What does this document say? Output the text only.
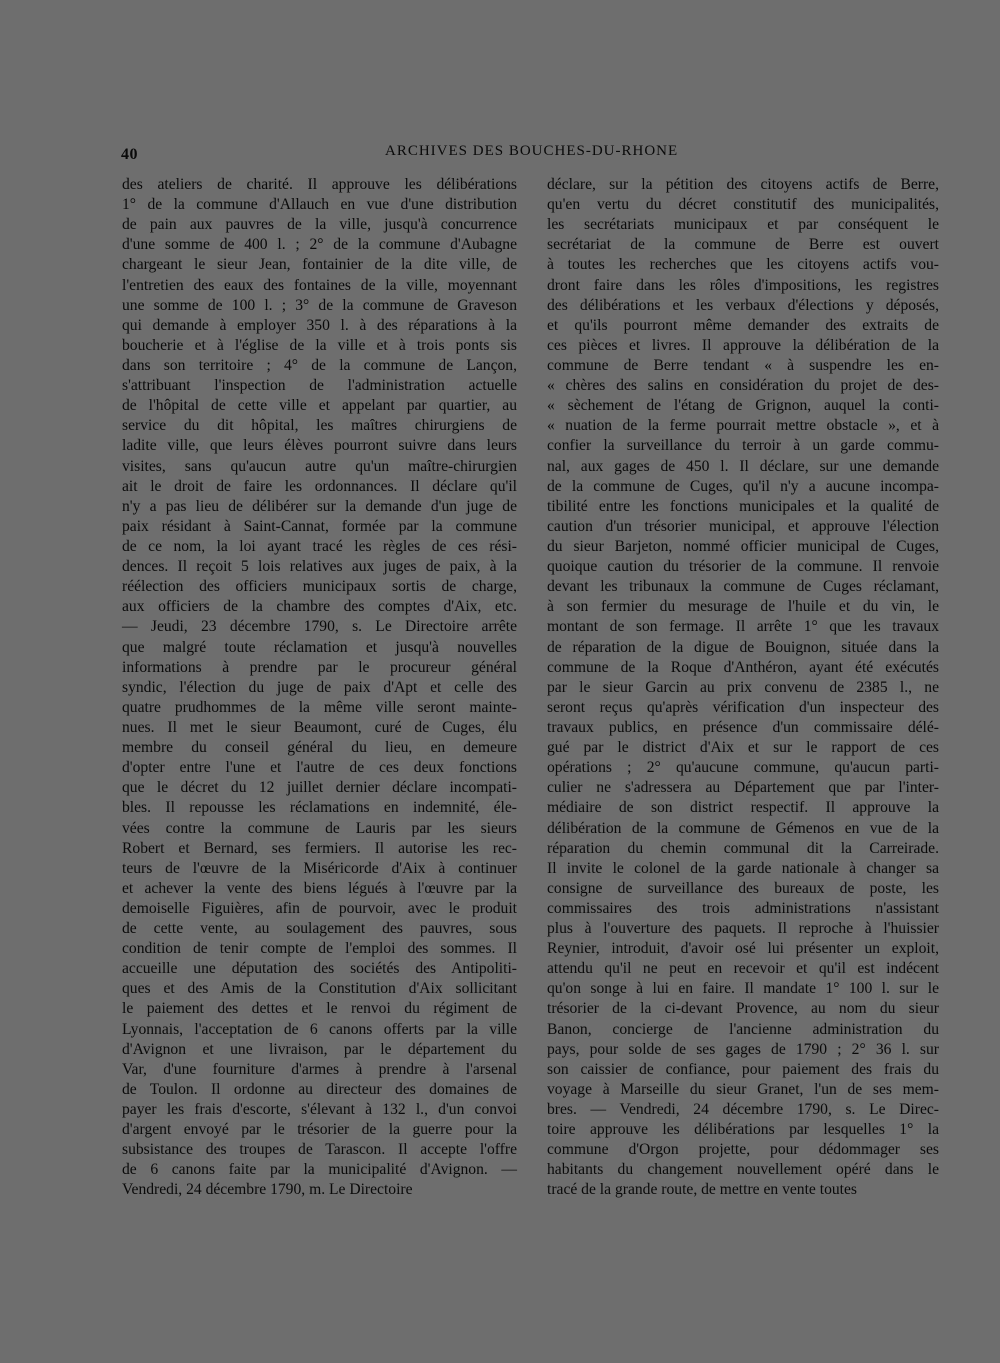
40	ARCHIVES DES BOUCHES-DU-RHONE
des ateliers de charité. Il approuve les délibérations
1° de la commune d'Allauch en vue d'une distribution
de pain aux pauvres de la ville, jusqu'à concurrence
d'une somme de 400 l. ; 2° de la commune d'Aubagne
chargeant le sieur Jean, fontainier de la dite ville, de
l'entretien des eaux des fontaines de la ville, moyennant
une somme de 100 l. ; 3° de la commune de Graveson
qui demande à employer 350 l. à des réparations à la
boucherie et à l'église de la ville et à trois ponts sis
dans son territoire ; 4° de la commune de Lançon,
s'attribuant l'inspection de l'administration actuelle
de l'hôpital de cette ville et appelant par quartier, au
service du dit hôpital, les maîtres chirurgiens de
ladite ville, que leurs élèves pourront suivre dans leurs
visites, sans qu'aucun autre qu'un maître-chirurgien
ait le droit de faire les ordonnances. Il déclare qu'il
n'y a pas lieu de délibérer sur la demande d'un juge de
paix résidant à Saint-Cannat, formée par la commune
de ce nom, la loi ayant tracé les règles de ces rési-
dences. Il reçoit 5 lois relatives aux juges de paix, à la
réélection des officiers municipaux sortis de charge,
aux officiers de la chambre des comptes d'Aix, etc.
— Jeudi, 23 décembre 1790, s. Le Directoire arrête
que malgré toute réclamation et jusqu'à nouvelles
informations à prendre par le procureur général
syndic, l'élection du juge de paix d'Apt et celle des
quatre prudhommes de la même ville seront mainte-
nues. Il met le sieur Beaumont, curé de Cuges, élu
membre du conseil général du lieu, en demeure
d'opter entre l'une et l'autre de ces deux fonctions
que le décret du 12 juillet dernier déclare incompati-
bles. Il repousse les réclamations en indemnité, éle-
vées contre la commune de Lauris par les sieurs
Robert et Bernard, ses fermiers. Il autorise les rec-
teurs de l'œuvre de la Miséricorde d'Aix à continuer
et achever la vente des biens légués à l'œuvre par la
demoiselle Figuières, afin de pourvoir, avec le produit
de cette vente, au soulagement des pauvres, sous
condition de tenir compte de l'emploi des sommes. Il
accueille une députation des sociétés des Antipoliti-
ques et des Amis de la Constitution d'Aix sollicitant
le paiement des dettes et le renvoi du régiment de
Lyonnais, l'acceptation de 6 canons offerts par la ville
d'Avignon et une livraison, par le département du
Var, d'une fourniture d'armes à prendre à l'arsenal
de Toulon. Il ordonne au directeur des domaines de
payer les frais d'escorte, s'élevant à 132 l., d'un convoi
d'argent envoyé par le trésorier de la guerre pour la
subsistance des troupes de Tarascon. Il accepte l'offre
de 6 canons faite par la municipalité d'Avignon. —
Vendredi, 24 décembre 1790, m. Le Directoire
déclare, sur la pétition des citoyens actifs de Berre,
qu'en vertu du décret constitutif des municipalités,
les secrétariats municipaux et par conséquent le
secrétariat de la commune de Berre est ouvert
à toutes les recherches que les citoyens actifs vou-
dront faire dans les rôles d'impositions, les registres
des délibérations et les verbaux d'élections y déposés,
et qu'ils pourront même demander des extraits de
ces pièces et livres. Il approuve la délibération de la
commune de Berre tendant « à suspendre les en-
« chères des salins en considération du projet de des-
« sèchement de l'étang de Grignon, auquel la conti-
« nuation de la ferme pourrait mettre obstacle », et à
confier la surveillance du terroir à un garde commu-
nal, aux gages de 450 l. Il déclare, sur une demande
de la commune de Cuges, qu'il n'y a aucune incompa-
tibilité entre les fonctions municipales et la qualité de
caution d'un trésorier municipal, et approuve l'élection
du sieur Barjeton, nommé officier municipal de Cuges,
quoique caution du trésorier de la commune. Il renvoie
devant les tribunaux la commune de Cuges réclamant,
à son fermier du mesurage de l'huile et du vin, le
montant de son fermage. Il arrête 1° que les travaux
de réparation de la digue de Bouignon, située dans la
commune de la Roque d'Anthéron, ayant été exécutés
par le sieur Garcin au prix convenu de 2385 l., ne
seront reçus qu'après vérification d'un inspecteur des
travaux publics, en présence d'un commissaire délé-
gué par le district d'Aix et sur le rapport de ces
opérations ; 2° qu'aucune commune, qu'aucun parti-
culier ne s'adressera au Département que par l'inter-
médiaire de son district respectif. Il approuve la
délibération de la commune de Gémenos en vue de la
réparation du chemin communal dit la Carreirade.
Il invite le colonel de la garde nationale à changer sa
consigne de surveillance des bureaux de poste, les
commissaires des trois administrations n'assistant
plus à l'ouverture des paquets. Il reproche à l'huissier
Reynier, introduit, d'avoir osé lui présenter un exploit,
attendu qu'il ne peut en recevoir et qu'il est indécent
qu'on songe à lui en faire. Il mandate 1° 100 l. sur le
trésorier de la ci-devant Provence, au nom du sieur
Banon, concierge de l'ancienne administration du
pays, pour solde de ses gages de 1790 ; 2° 36 l. sur
son caissier de confiance, pour paiement des frais du
voyage à Marseille du sieur Granet, l'un de ses mem-
bres. — Vendredi, 24 décembre 1790, s. Le Direc-
toire approuve les délibérations par lesquelles 1° la
commune d'Orgon projette, pour dédommager ses
habitants du changement nouvellement opéré dans le
tracé de la grande route, de mettre en vente toutes
